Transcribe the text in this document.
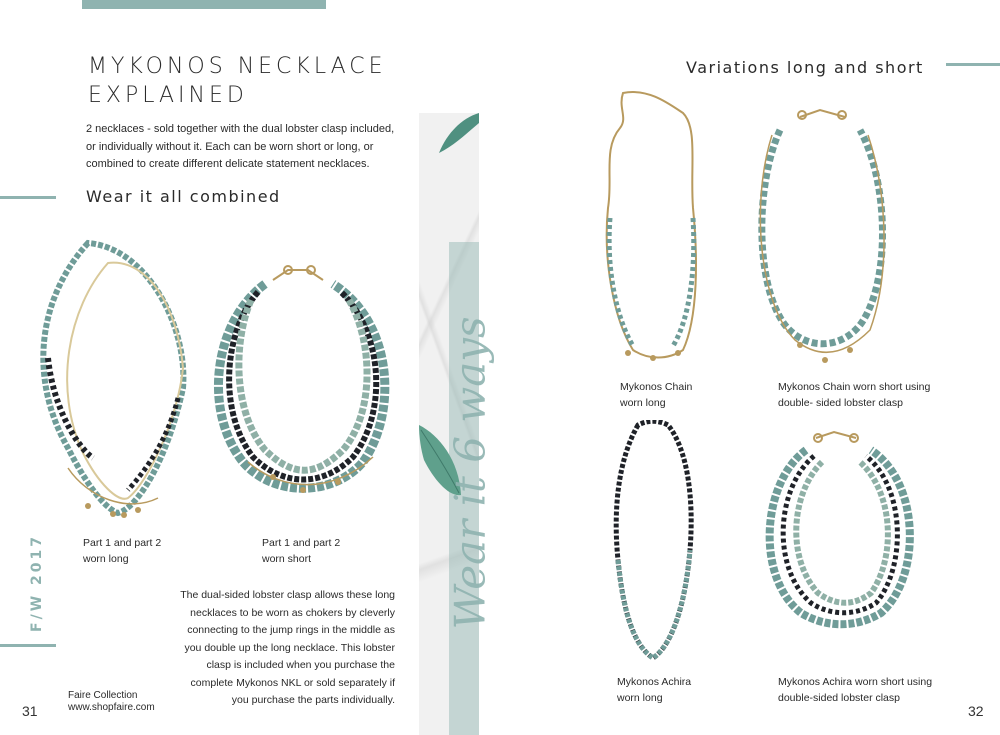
MYKONOS NECKLACE
EXPLAINED
2 necklaces - sold together with the dual lobster clasp included,
or individually without it. Each can be worn short or long, or
combined to create different delicate statement necklaces.
Wear it all combined
Part 1 and part 2
worn long
Part 1 and part 2
worn short
The dual-sided lobster clasp allows these long
necklaces to be worn as chokers by cleverly
connecting to the jump rings in the middle as
you double up the long necklace. This lobster
clasp is included when you purchase the
complete Mykonos NKL or sold separately if
you purchase the parts individually.
F/W 2017
Faire Collection
www.shopfaire.com
31
Wear it 6 ways
Variations long and short
Mykonos Chain
worn long
Mykonos Chain worn short using
double- sided lobster clasp
Mykonos Achira
worn long
Mykonos Achira worn short using
double-sided lobster clasp
32
